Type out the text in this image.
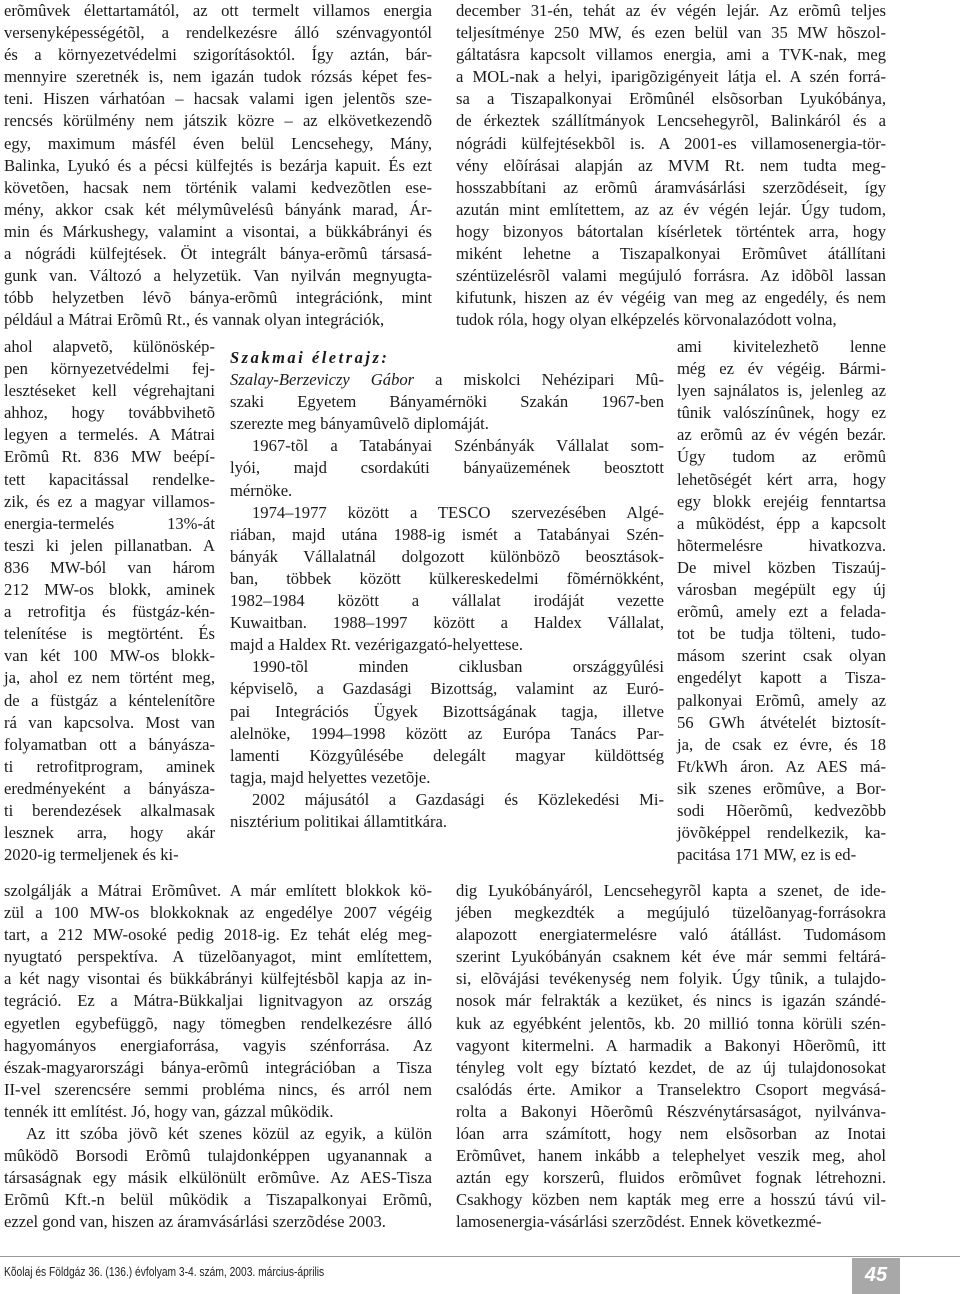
erõmûvek élettartamától, az ott termelt villamos energia
versenyképességétõl, a rendelkezésre álló szénvagyontól
és a környezetvédelmi szigorításoktól. Így aztán, bár-
mennyire szeretnék is, nem igazán tudok rózsás képet fes-
teni. Hiszen várhatóan – hacsak valami igen jelentõs sze-
rencsés körülmény nem játszik közre – az elkövetkezendõ
egy, maximum másfél éven belül Lencsehegy, Mány,
Balinka, Lyukó és a pécsi külfejtés is bezárja kapuit. És ezt
követõen, hacsak nem történik valami kedvezõtlen ese-
mény, akkor csak két mélymûvelésû bányánk marad, Ár-
min és Márkushegy, valamint a visontai, a bükkábrányi és
a nógrádi külfejtések. Öt integrált bánya-erõmû társasá-
gunk van. Változó a helyzetük. Van nyilván megnyugta-
tóbb helyzetben lévõ bánya-erõmû integrációnk, mint
például a Mátrai Erõmû Rt., és vannak olyan integrációk,
ahol alapvetõ, különöskép-
pen környezetvédelmi fej-
lesztéseket kell végrehajtani
ahhoz, hogy továbbvihetõ
legyen a termelés. A Mátrai
Erõmû Rt. 836 MW beépí-
tett kapacitással rendelke-
zik, és ez a magyar villamos-
energia-termelés 13%-át
teszi ki jelen pillanatban. A
836 MW-ból van három
212 MW-os blokk, aminek
a retrofitja és füstgáz-kén-
telenítése is megtörtént. És
van két 100 MW-os blokk-
ja, ahol ez nem történt meg,
de a füstgáz a kéntelenítõre
rá van kapcsolva. Most van
folyamatban ott a bányásza-
ti retrofitprogram, aminek
eredményeként a bányásza-
ti berendezések alkalmasak
lesznek arra, hogy akár
2020-ig termeljenek és ki-
szolgálják a Mátrai Erõmûvet. A már említett blokkok kö-
zül a 100 MW-os blokkoknak az engedélye 2007 végéig
tart, a 212 MW-osoké pedig 2018-ig. Ez tehát elég meg-
nyugtató perspektíva. A tüzelõanyagot, mint említettem,
a két nagy visontai és bükkábrányi külfejtésbõl kapja az in-
tegráció. Ez a Mátra-Bükkaljai lignitvagyon az ország
egyetlen egybefüggõ, nagy tömegben rendelkezésre álló
hagyományos energiaforrása, vagyis szénforrása. Az
észak-magyarországi bánya-erõmû integrációban a Tisza
II-vel szerencsére semmi probléma nincs, és arról nem
tennék itt említést. Jó, hogy van, gázzal mûködik.
Az itt szóba jövõ két szenes közül az egyik, a külön
mûködõ Borsodi Erõmû tulajdonképpen ugyanannak a
társaságnak egy másik elkülönült erõmûve. Az AES-Tisza
Erõmû Kft.-n belül mûködik a Tiszapalkonyai Erõmû,
ezzel gond van, hiszen az áramvásárlási szerzõdése 2003.
december 31-én, tehát az év végén lejár. Az erõmû teljes
teljesítménye 250 MW, és ezen belül van 35 MW hõszol-
gáltatásra kapcsolt villamos energia, ami a TVK-nak, meg
a MOL-nak a helyi, iparigõzigényeit látja el. A szén forrá-
sa a Tiszapalkonyai Erõmûnél elsõsorban Lyukóbánya,
de érkeztek szállítmányok Lencsehegyrõl, Balinkáról és a
nógrádi külfejtésekbõl is. A 2001-es villamosenergia-tör-
vény elõírásai alapján az MVM Rt. nem tudta meg-
hosszabbítani az erõmû áramvásárlási szerzõdéseit, így
azután mint említettem, az az év végén lejár. Úgy tudom,
hogy bizonyos bátortalan kísérletek történtek arra, hogy
miként lehetne a Tiszapalkonyai Erõmûvet átállítani
széntüzelésrõl valami megújuló forrásra. Az idõbõl lassan
kifutunk, hiszen az év végéig van meg az engedély, és nem
tudok róla, hogy olyan elképzelés körvonalazódott volna,
ami kivitelezhetõ lenne
még ez év végéig. Bármi-
lyen sajnálatos is, jelenleg az
tûnik valószínûnek, hogy ez
az erõmû az év végén bezár.
Úgy tudom az erõmû
lehetõségét kért arra, hogy
egy blokk erejéig fenntartsa
a mûködést, épp a kapcsolt
hõtermelésre hivatkozva.
De mivel közben Tiszaúj-
városban megépült egy új
erõmû, amely ezt a felada-
tot be tudja tölteni, tudo-
másom szerint csak olyan
engedélyt kapott a Tisza-
palkonyai Erõmû, amely az
56 GWh átvételét biztosít-
ja, de csak ez évre, és 18
Ft/kWh áron. Az AES má-
sik szenes erõmûve, a Bor-
sodi Hõerõmû, kedvezõbb
jövõképpel rendelkezik, ka-
pacitása 171 MW, ez is ed-
dig Lyukóbányáról, Lencsehegyrõl kapta a szenet, de ide-
jében megkezdték a megújuló tüzelõanyag-forrásokra
alapozott energiatermelésre való átállást. Tudomásom
szerint Lyukóbányán csaknem két éve már semmi feltárá-
si, elõvájási tevékenység nem folyik. Úgy tûnik, a tulajdo-
nosok már felrakták a kezüket, és nincs is igazán szándé-
kuk az egyébként jelentõs, kb. 20 millió tonna körüli szén-
vagyont kitermelni. A harmadik a Bakonyi Hõerõmû, itt
tényleg volt egy bíztató kezdet, de az új tulajdonosokat
csalódás érte. Amikor a Transelektro Csoport megvásá-
rolta a Bakonyi Hõerõmû Részvénytársaságot, nyilvánva-
lóan arra számított, hogy nem elsõsorban az Inotai
Erõmûvet, hanem inkább a telephelyet veszik meg, ahol
aztán egy korszerû, fluidos erõmûvet fognak létrehozni.
Csakhogy közben nem kapták meg erre a hosszú távú vil-
lamosenergia-vásárlási szerzõdést. Ennek következmé-
Szakmai életrajz:
Szalay-Berzeviczy Gábor a miskolci Nehézipari Mû-
szaki Egyetem Bányamérnöki Szakán 1967-ben
szerezte meg bányamûvelõ diplomáját.
1967-tõl a Tatabányai Szénbányák Vállalat som-
lyói, majd csordakúti bányaüzemének beosztott
mérnöke.
1974–1977 között a TESCO szervezésében Algé-
riában, majd utána 1988-ig ismét a Tatabányai Szén-
bányák Vállalatnál dolgozott különbözõ beosztások-
ban, többek között külkereskedelmi fõmérnökként,
1982–1984 között a vállalat irodáját vezette
Kuwaitban. 1988–1997 között a Haldex Vállalat,
majd a Haldex Rt. vezérigazgató-helyettese.
1990-tõl minden ciklusban országgyûlési
képviselõ, a Gazdasági Bizottság, valamint az Euró-
pai Integrációs Ügyek Bizottságának tagja, illetve
alelnöke, 1994–1998 között az Európa Tanács Par-
lamenti Közgyûlésébe delegált magyar küldöttség
tagja, majd helyettes vezetõje.
2002 májusától a Gazdasági és Közlekedési Mi-
nisztérium politikai államtitkára.
Kõolaj és Földgáz 36. (136.) évfolyam 3-4. szám, 2003. március-április	45
